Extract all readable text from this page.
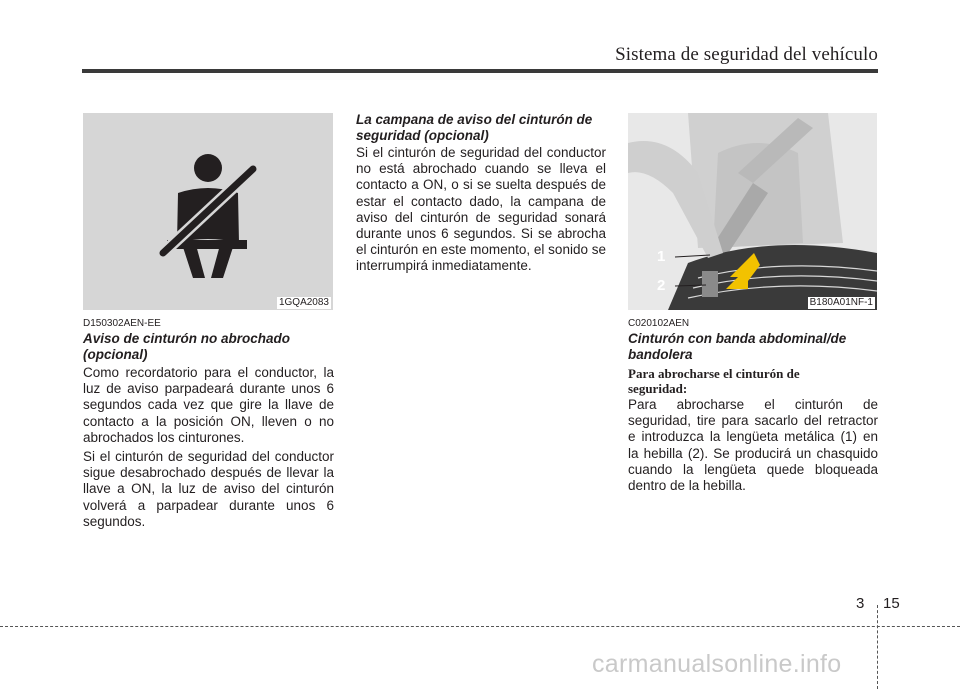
Sistema de seguridad del vehículo
1GQA2083
D150302AEN-EE
Aviso de cinturón no abrochado (opcional)

Como recordatorio para el conductor, la luz de aviso parpadeará durante unos 6 segundos cada vez que gire la llave de contacto a la posición ON, lleven o no abrochados los cinturones.

Si el cinturón de seguridad del conductor sigue desabrochado después de llevar la llave a ON, la luz de aviso del cinturón volverá a parpadear durante unos 6 segundos.

La campana de aviso del cinturón de seguridad (opcional)

Si el cinturón de seguridad del conductor no está abrochado cuando se lleva el contacto a ON, o si se suelta después de estar el contacto dado, la campana de aviso del cinturón de seguridad sonará durante unos 6 segundos. Si se abrocha el cinturón en este momento, el sonido se interrumpirá inmediatamente.

1
2
B180A01NF-1
C020102AEN
Cinturón con banda abdominal/de bandolera
Para abrocharse el cinturón de seguridad:

Para abrocharse el cinturón de seguridad, tire para sacarlo del retractor e introduzca la lengüeta metálica (1) en la hebilla (2). Se producirá un chasquido cuando la lengüeta quede bloqueada dentro de la hebilla.

3 15
carmanualsonline.info
